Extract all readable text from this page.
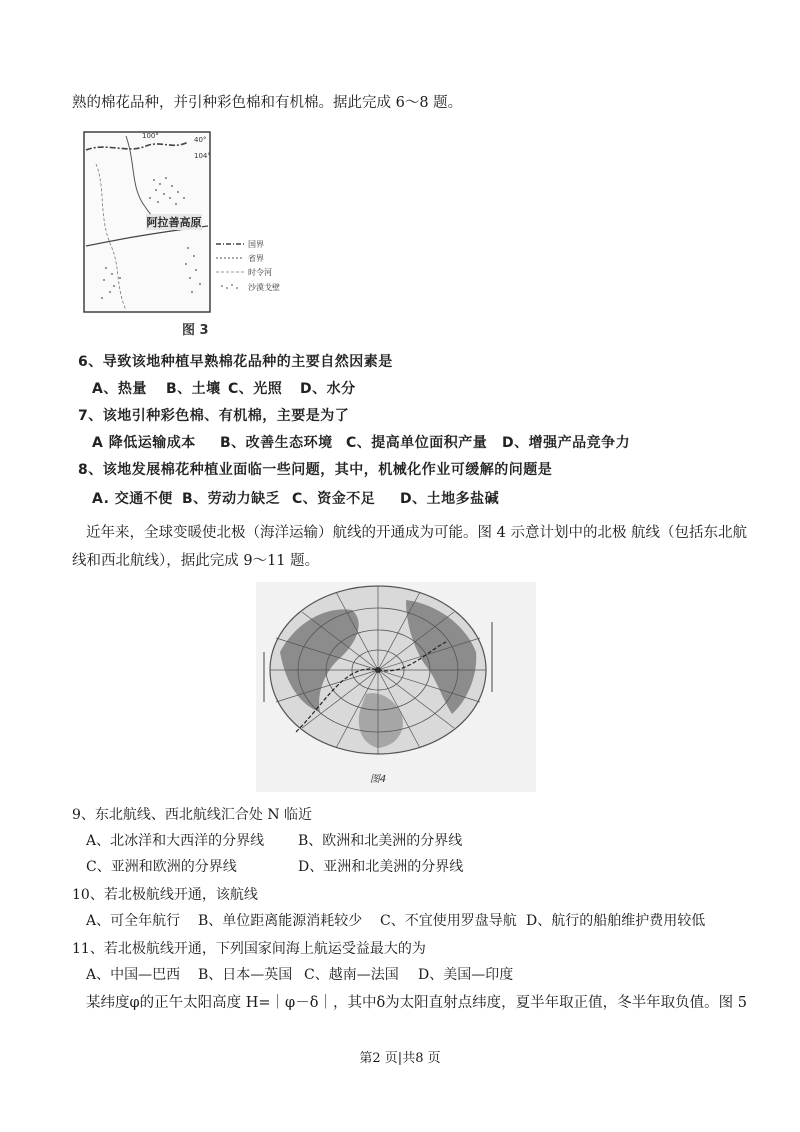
熟的棉花品种，并引种彩色棉和有机棉。据此完成 6～8 题。
阿拉善高原
100°
104°
40°
国界
省界
时令河
沙漠戈壁
图 3
6、导致该地种植早熟棉花品种的主要自然因素是
A、热量 B、土壤 C、光照 D、水分
7、该地引种彩色棉、有机棉，主要是为了
A 降低运输成本 B、改善生态环境 C、提高单位面积产量 D、增强产品竞争力
8、该地发展棉花种植业面临一些问题，其中，机械化作业可缓解的问题是
A. 交通不便 B、劳动力缺乏 C、资金不足 D、土地多盐碱
近年来，全球变暖使北极（海洋运输）航线的开通成为可能。图 4 示意计划中的北极 航线（包括东北航
线和西北航线），据此完成 9～11 题。
图4
9、东北航线、西北航线汇合处 N 临近
A、北冰洋和大西洋的分界线 B、欧洲和北美洲的分界线
C、亚洲和欧洲的分界线	D、亚洲和北美洲的分界线
10、若北极航线开通，该航线
A、可全年航行 B、单位距离能源消耗较少 C、不宜使用罗盘导航 D、航行的船舶维护费用较低
11、若北极航线开通，下列国家间海上航运受益最大的为
A、中国—巴西 B、日本—英国 C、越南—法国 D、美国—印度
某纬度φ的正午太阳高度 H=｜φ－δ｜，其中δ为太阳直射点纬度，夏半年取正值，冬半年取负值。图 5
第2 页|共8 页
